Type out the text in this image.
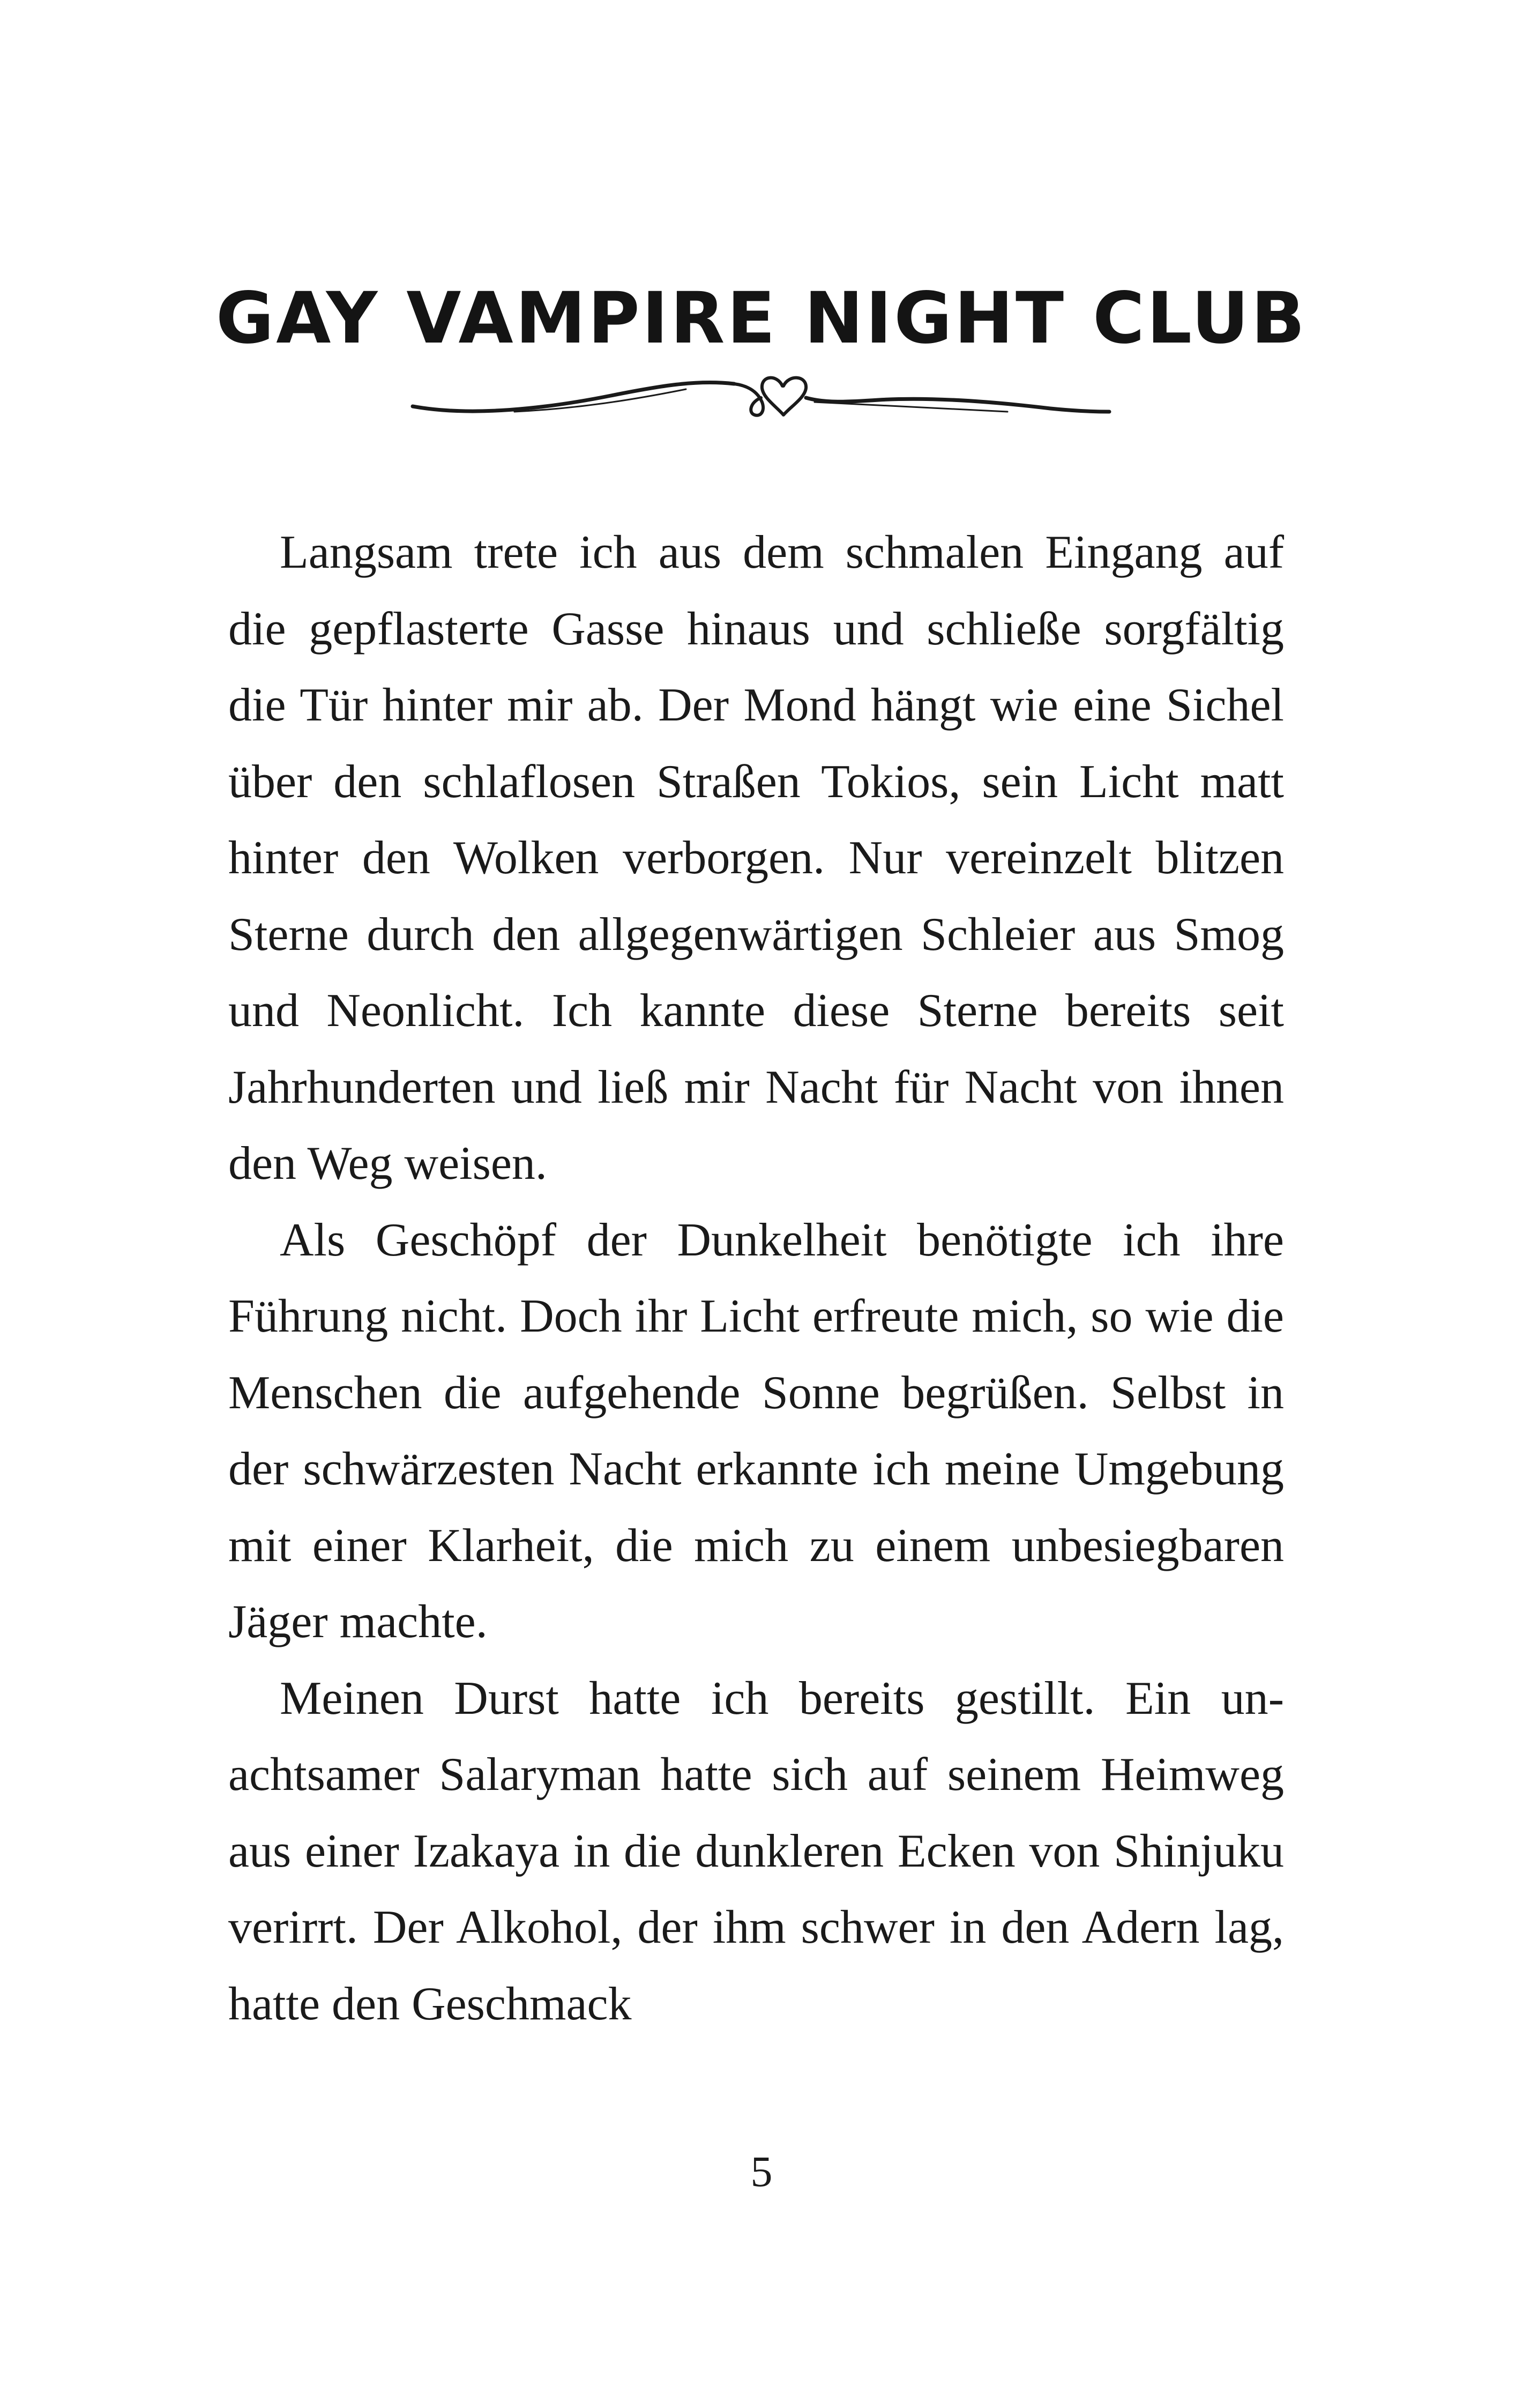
GAY VAMPIRE NIGHT CLUB

Langsam trete ich aus dem schmalen Eingang auf die gepflasterte Gasse hinaus und schließe sorgfältig die Tür hinter mir ab. Der Mond hängt wie eine Sichel über den schlaflosen Straßen Tokios, sein Licht matt hinter den Wolken verborgen. Nur vereinzelt blitzen Sterne durch den allgegenwärtigen Schleier aus Smog und Neonlicht. Ich kannte diese Sterne bereits seit Jahrhunderten und ließ mir Nacht für Nacht von ihnen den Weg weisen.

Als Geschöpf der Dunkelheit benötigte ich ihre Führung nicht. Doch ihr Licht erfreute mich, so wie die Menschen die aufgehende Sonne begrüßen. Selbst in der schwärzesten Nacht erkannte ich meine Umgebung mit einer Klarheit, die mich zu einem unbesiegbaren Jäger machte.

Meinen Durst hatte ich bereits gestillt. Ein unachtsamer Salaryman hatte sich auf seinem Heimweg aus einer Izakaya in die dunkleren Ecken von Shinjuku verirrt. Der Alkohol, der ihm schwer in den Adern lag, hatte den Geschmack

5
